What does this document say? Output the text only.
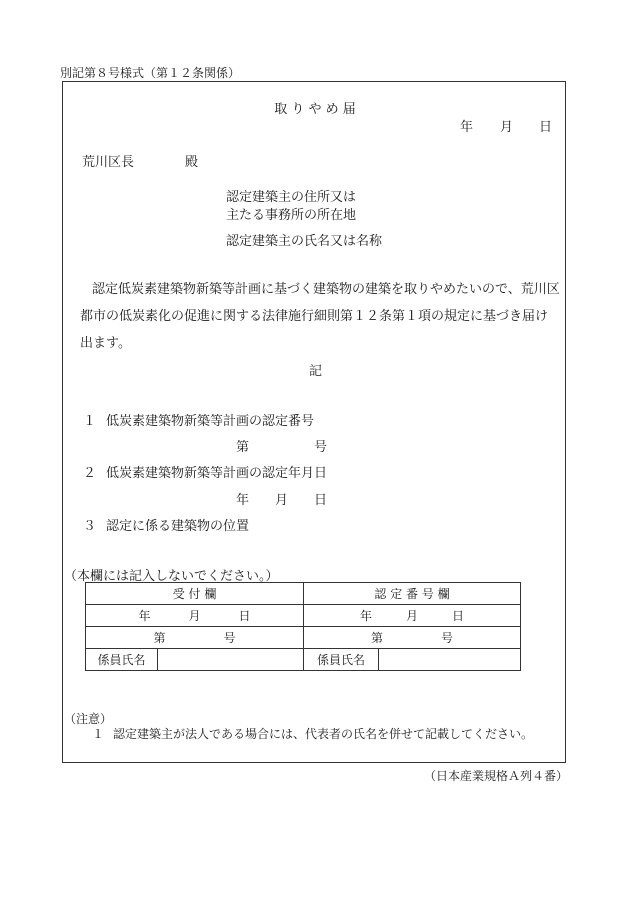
別記第８号様式（第１２条関係）
取 り や め 届
年 月 日
荒川区長	殿
認定建築主の住所又は
主たる事務所の所在地
認定建築主の氏名又は名称
認定低炭素建築物新築等計画に基づく建築物の建築を取りやめたいので、荒川区
都市の低炭素化の促進に関する法律施行細則第１２条第１項の規定に基づき届け
出ます。
記
１ 低炭素建築物新築等計画の認定番号
第	号
２ 低炭素建築物新築等計画の認定年月日
年 月 日
３ 認定に係る建築物の位置
（本欄には記入しないでください。）
受 付 欄		認 定 番 号 欄	

年 月 日		年 月 日	

第 号		第 号	

係員氏名		係員氏名	
（注意）
１ 認定建築主が法人である場合には、代表者の氏名を併せて記載してください。
（日本産業規格Ａ列４番）
